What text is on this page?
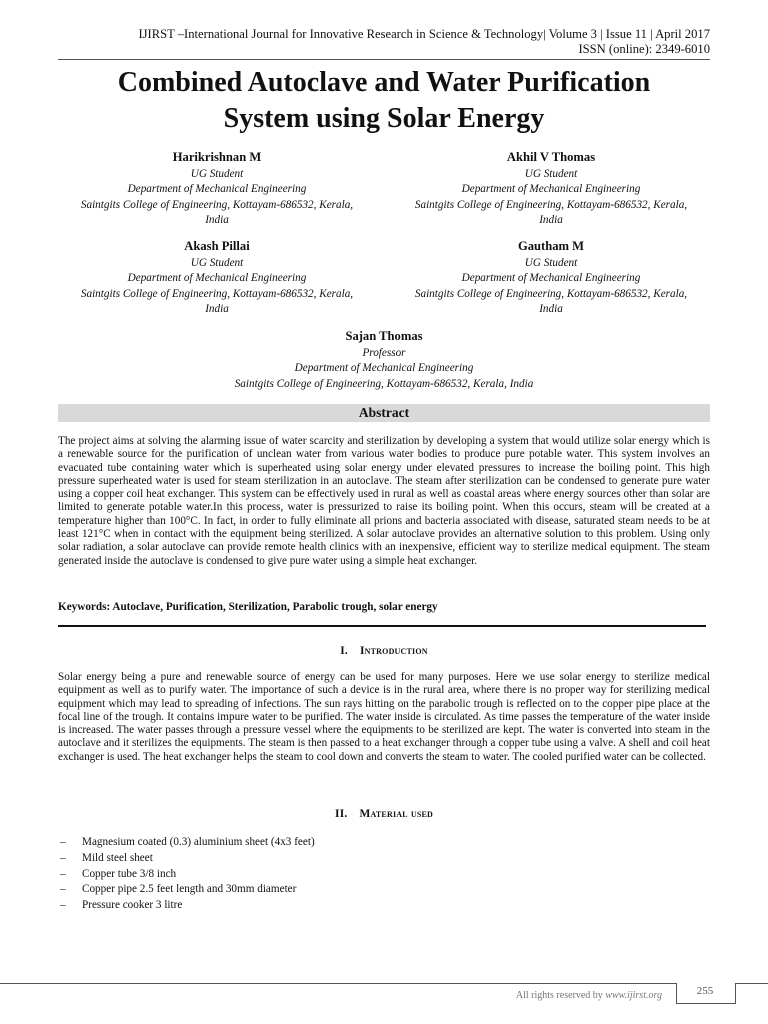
IJIRST –International Journal for Innovative Research in Science & Technology| Volume 3 | Issue 11 | April 2017
ISSN (online): 2349-6010
Combined Autoclave and Water Purification
System using Solar Energy
Harikrishnan M
UG Student
Department of Mechanical Engineering
Saintgits College of Engineering, Kottayam-686532, Kerala,
India
Akhil V Thomas
UG Student
Department of Mechanical Engineering
Saintgits College of Engineering, Kottayam-686532, Kerala,
India
Akash Pillai
UG Student
Department of Mechanical Engineering
Saintgits College of Engineering, Kottayam-686532, Kerala,
India
Gautham M
UG Student
Department of Mechanical Engineering
Saintgits College of Engineering, Kottayam-686532, Kerala,
India
Sajan Thomas
Professor
Department of Mechanical Engineering
Saintgits College of Engineering, Kottayam-686532, Kerala, India
Abstract
The project aims at solving the alarming issue of water scarcity and sterilization by developing a system that would utilize solar energy which is a renewable source for the purification of unclean water from various water bodies to produce pure potable water. This system involves an evacuated tube containing water which is superheated using solar energy under elevated pressures to increase the boiling point. This high pressure superheated water is used for steam sterilization in an autoclave. The steam after sterilization can be condensed to generate pure water using a copper coil heat exchanger. This system can be effectively used in rural as well as coastal areas where energy sources other than solar are limited to generate potable water.In this process, water is pressurized to raise its boiling point. When this occurs, steam will be created at a temperature higher than 100°C. In fact, in order to fully eliminate all prions and bacteria associated with disease, saturated steam needs to be at least 121°C when in contact with the equipment being sterilized. A solar autoclave provides an alternative solution to this problem. Using only solar radiation, a solar autoclave can provide remote health clinics with an inexpensive, efficient way to sterilize medical equipment. The steam generated inside the autoclave is condensed to give pure water using a simple heat exchanger.
Keywords: Autoclave, Purification, Sterilization, Parabolic trough, solar energy
I. Introduction
Solar energy being a pure and renewable source of energy can be used for many purposes. Here we use solar energy to sterilize medical equipment as well as to purify water. The importance of such a device is in the rural area, where there is no proper way for sterilizing medical equipment which may lead to spreading of infections. The sun rays hitting on the parabolic trough is reflected on to the copper pipe place at the focal line of the trough. It contains impure water to be purified. The water inside is circulated. As time passes the temperature of the water inside is increased. The water passes through a pressure vessel where the equipments to be sterilized are kept. The water is converted into steam in the autoclave and it sterilizes the equipments. The steam is then passed to a heat exchanger through a copper tube using a valve. A shell and coil heat exchanger is used. The heat exchanger helps the steam to cool down and converts the steam to water. The cooled purified water can be collected.
II. Material used
– Magnesium coated (0.3) aluminium sheet (4x3 feet)
– Mild steel sheet
– Copper tube 3/8 inch
– Copper pipe 2.5 feet length and 30mm diameter
– Pressure cooker 3 litre
All rights reserved by www.ijirst.org	255
